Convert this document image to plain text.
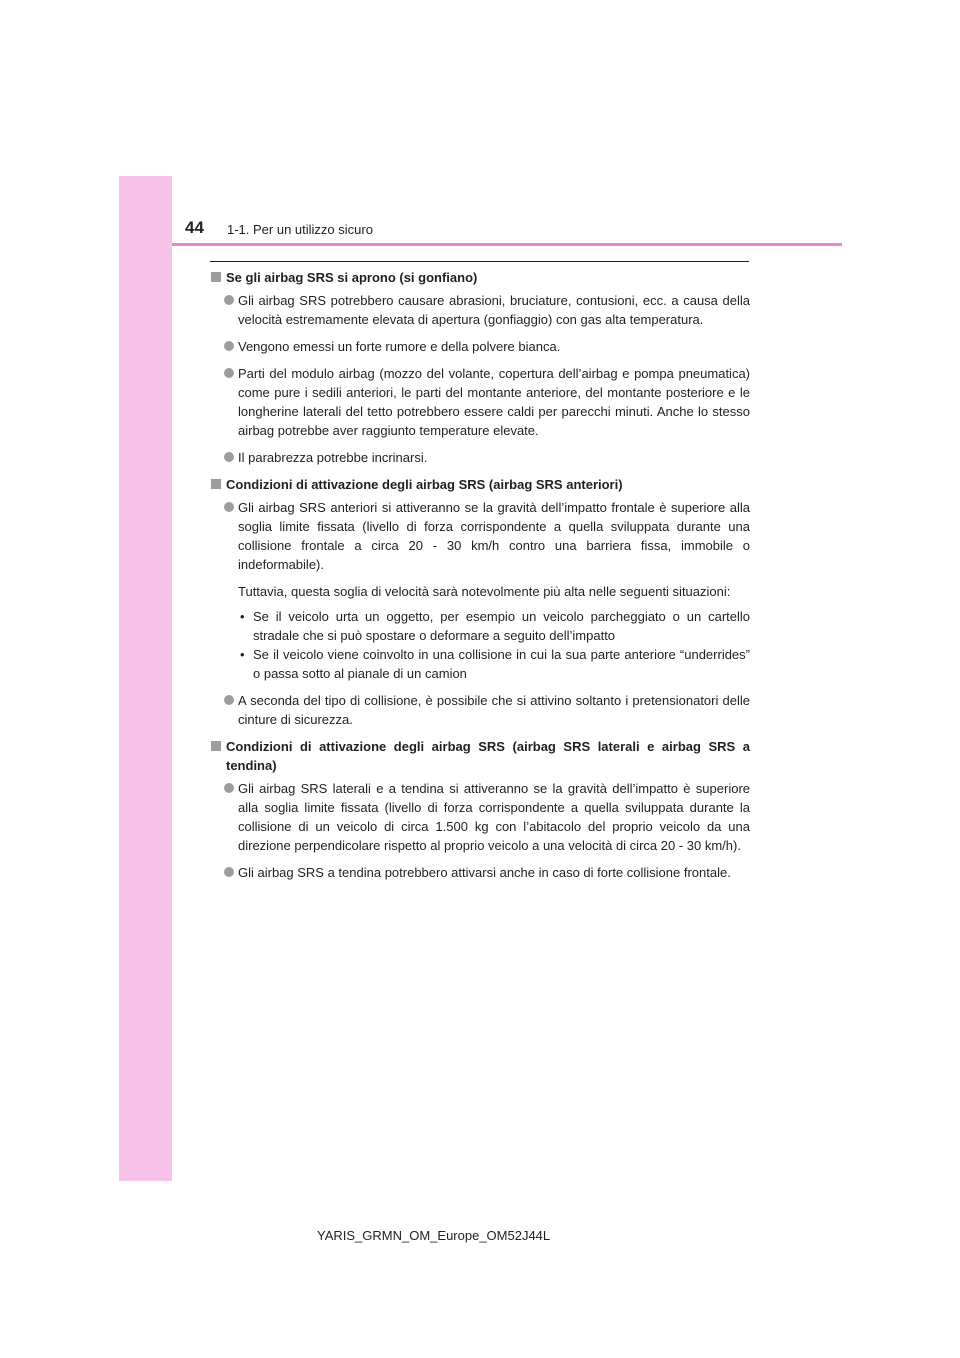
44 1-1. Per un utilizzo sicuro
Se gli airbag SRS si aprono (si gonfiano)

Gli airbag SRS potrebbero causare abrasioni, bruciature, contusioni, ecc. a causa della velocità estremamente elevata di apertura (gonfiaggio) con gas alta temperatura.

Vengono emessi un forte rumore e della polvere bianca.

Parti del modulo airbag (mozzo del volante, copertura dell’airbag e pompa pneumatica) come pure i sedili anteriori, le parti del montante anteriore, del montante posteriore e le longherine laterali del tetto potrebbero essere caldi per parecchi minuti. Anche lo stesso airbag potrebbe aver raggiunto temperature elevate.

Il parabrezza potrebbe incrinarsi.

Condizioni di attivazione degli airbag SRS (airbag SRS anteriori)

Gli airbag SRS anteriori si attiveranno se la gravità dell’impatto frontale è superiore alla soglia limite fissata (livello di forza corrispondente a quella sviluppata durante una collisione frontale a circa 20 - 30 km/h contro una barriera fissa, immobile o indeformabile).

Tuttavia, questa soglia di velocità sarà notevolmente più alta nelle seguenti situazioni:

• Se il veicolo urta un oggetto, per esempio un veicolo parcheggiato o un cartello stradale che si può spostare o deformare a seguito dell’impatto
• Se il veicolo viene coinvolto in una collisione in cui la sua parte anteriore “underrides” o passa sotto al pianale di un camion

A seconda del tipo di collisione, è possibile che si attivino soltanto i pretensionatori delle cinture di sicurezza.

Condizioni di attivazione degli airbag SRS (airbag SRS laterali e airbag SRS a tendina)

Gli airbag SRS laterali e a tendina si attiveranno se la gravità dell’impatto è superiore alla soglia limite fissata (livello di forza corrispondente a quella sviluppata durante la collisione di un veicolo di circa 1.500 kg con l’abitacolo del proprio veicolo da una direzione perpendicolare rispetto al proprio veicolo a una velocità di circa 20 - 30 km/h).

Gli airbag SRS a tendina potrebbero attivarsi anche in caso di forte collisione frontale.

YARIS_GRMN_OM_Europe_OM52J44L
